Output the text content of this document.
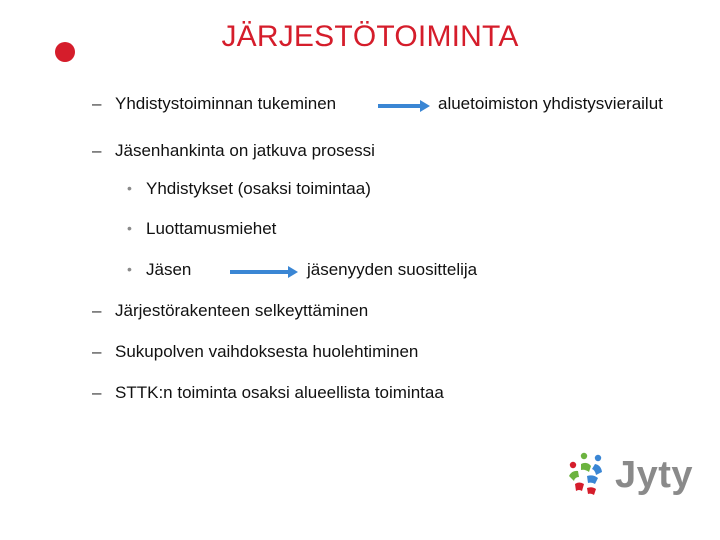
JÄRJESTÖTOIMINTA
– Yhdistystoiminnan tukeminen	aluetoimiston yhdistysvierailut
– Jäsenhankinta on jatkuva prosessi
• Yhdistykset (osaksi toimintaa)
• Luottamusmiehet
• Jäsen	jäsenyyden suosittelija
– Järjestörakenteen selkeyttäminen
– Sukupolven vaihdoksesta huolehtiminen
– STTK:n toiminta osaksi alueellista toimintaa
Jyty
